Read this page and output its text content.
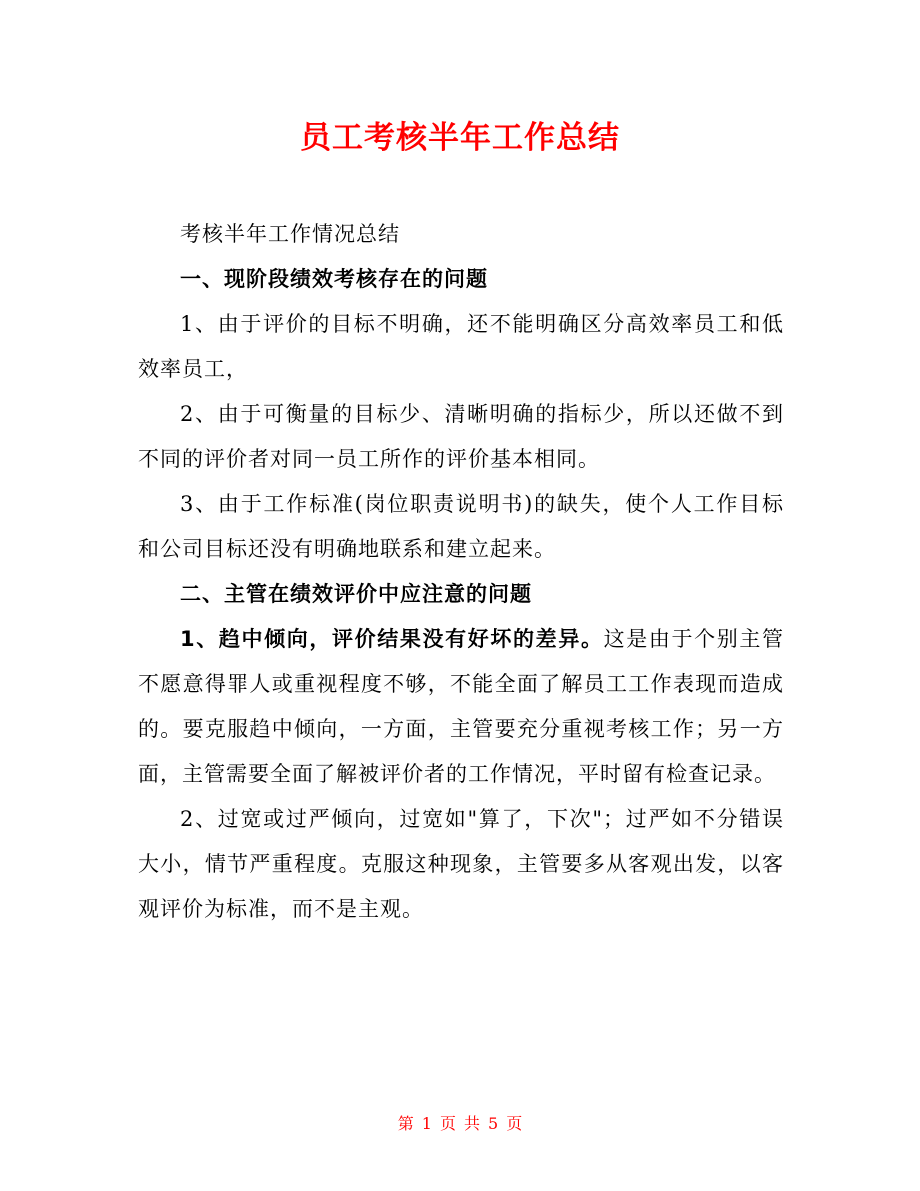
员工考核半年工作总结

考核半年工作情况总结

一、现阶段绩效考核存在的问题

1、由于评价的目标不明确，还不能明确区分高效率员工和低效率员工，

2、由于可衡量的目标少、清晰明确的指标少，所以还做不到不同的评价者对同一员工所作的评价基本相同。

3、由于工作标准(岗位职责说明书)的缺失，使个人工作目标和公司目标还没有明确地联系和建立起来。

二、主管在绩效评价中应注意的问题

1、趋中倾向，评价结果没有好坏的差异。这是由于个别主管不愿意得罪人或重视程度不够，不能全面了解员工工作表现而造成的。要克服趋中倾向，一方面，主管要充分重视考核工作；另一方面，主管需要全面了解被评价者的工作情况，平时留有检查记录。

2、过宽或过严倾向，过宽如"算了，下次"；过严如不分错误大小，情节严重程度。克服这种现象，主管要多从客观出发，以客观评价为标准，而不是主观。

第 1 页 共 5 页
